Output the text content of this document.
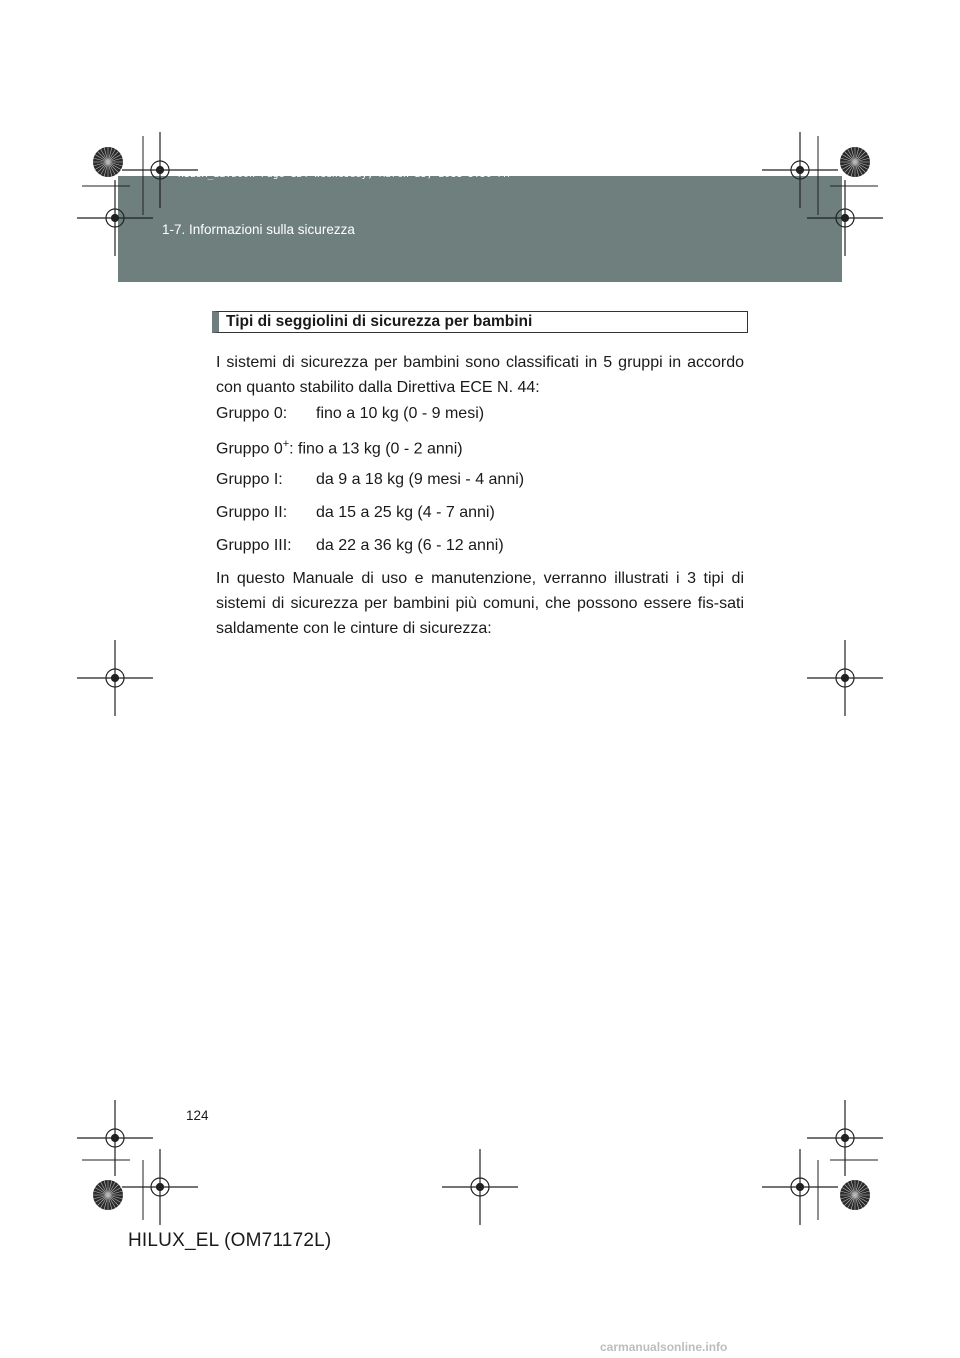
HILUX_EL.book Page 124 Wednesday, March 23, 2011 3:30 PM
1-7. Informazioni sulla sicurezza
Tipi di seggiolini di sicurezza per bambini
I sistemi di sicurezza per bambini sono classificati in 5 gruppi in accordo con quanto stabilito dalla Direttiva ECE N. 44:
Gruppo 0: fino a 10 kg (0 - 9 mesi)
Gruppo 0+: fino a 13 kg (0 - 2 anni)
Gruppo I: da 9 a 18 kg (9 mesi - 4 anni)
Gruppo II: da 15 a 25 kg (4 - 7 anni)
Gruppo III: da 22 a 36 kg (6 - 12 anni)
In questo Manuale di uso e manutenzione, verranno illustrati i 3 tipi di sistemi di sicurezza per bambini più comuni, che possono essere fis-sati saldamente con le cinture di sicurezza:
124
HILUX_EL (OM71172L)
carmanualsonline.info
